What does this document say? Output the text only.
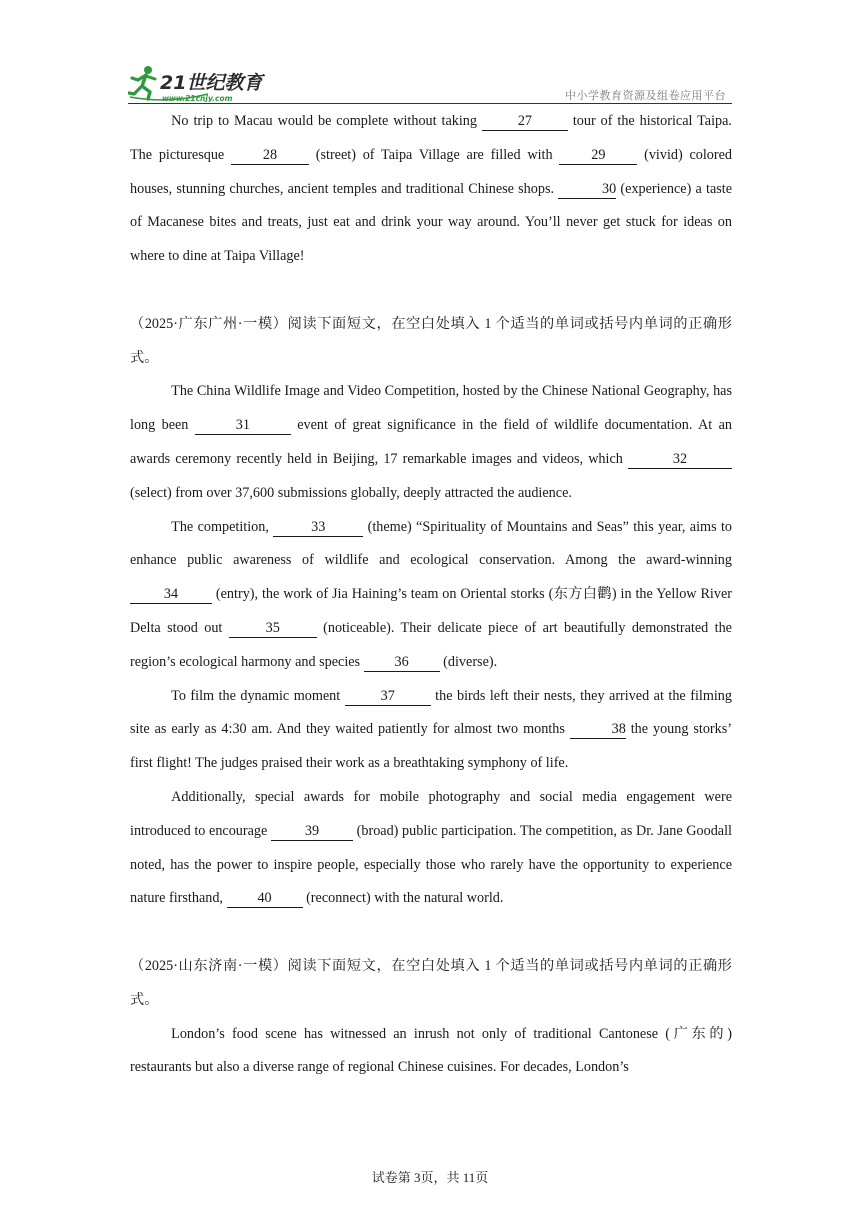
21世纪教育
www.21cnjy.com	中小学教育资源及组卷应用平台

No trip to Macau would be complete without taking	27	tour of the historical Taipa. The picturesque 28 (street) of Taipa Village are filled with 29 (vivid) colored houses, stunning churches, ancient temples and traditional Chinese shops.	30 (experience) a taste of Macanese bites and treats, just eat and drink your way around. You’ll never get stuck for ideas on where to dine at Taipa Village!

（2025·广东广州·一模）阅读下面短文，在空白处填入 1 个适当的单词或括号内单词的正确形式。

The China Wildlife Image and Video Competition, hosted by the Chinese National Geography, has long been	31	event of great significance in the field of wildlife documentation. At an awards ceremony recently held in Beijing, 17 remarkable images and videos, which	32 (select) from over 37,600 submissions globally, deeply attracted the audience.

The competition,	33	(theme) “Spirituality of Mountains and Seas” this year, aims to enhance public awareness of wildlife and ecological conservation. Among the award-winning 34 (entry), the work of Jia Haining’s team on Oriental storks (东方白鹳) in the Yellow River Delta stood out	35	(noticeable). Their delicate piece of art beautifully demonstrated the region’s ecological harmony and species 36 (diverse).

To film the dynamic moment	37	the birds left their nests, they arrived at the filming site as early as 4:30 am. And they waited patiently for almost two months	38 the young storks’ first flight! The judges praised their work as a breathtaking symphony of life.

Additionally, special awards for mobile photography and social media engagement were introduced to encourage 39 (broad) public participation. The competition, as Dr. Jane Goodall noted, has the power to inspire people, especially those who rarely have the opportunity to experience nature firsthand, 40 (reconnect) with the natural world.

（2025·山东济南·一模）阅读下面短文，在空白处填入 1 个适当的单词或括号内单词的正确形式。

London’s food scene has witnessed an inrush not only of traditional Cantonese (广东的) restaurants but also a diverse range of regional Chinese cuisines. For decades, London’s

试卷第 3页，共 11页
